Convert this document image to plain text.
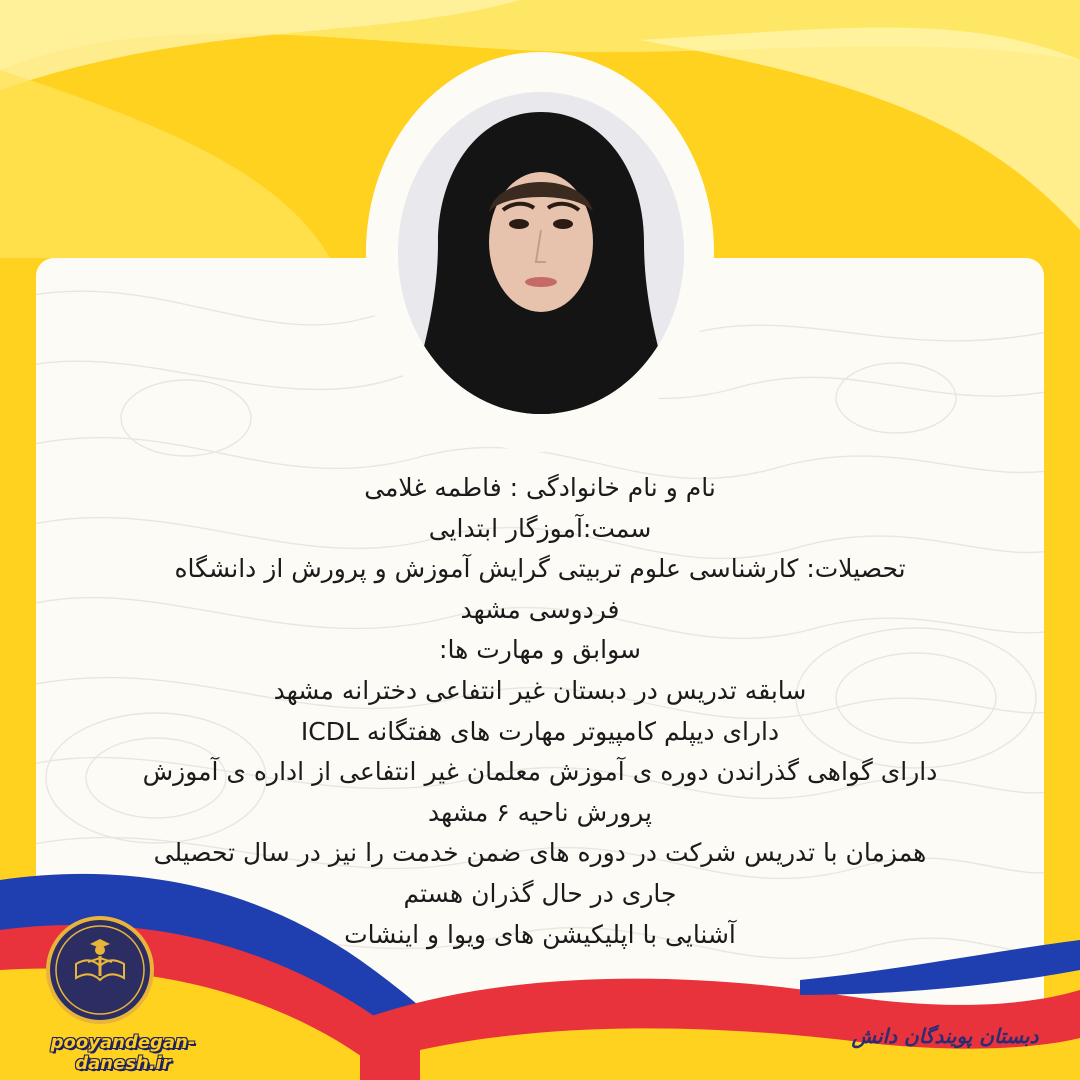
نام و نام خانوادگی : فاطمه غلامی
سمت:آموزگار ابتدایی
تحصیلات: کارشناسی علوم تربیتی گرایش آموزش و پرورش از دانشگاه
فردوسی مشهد
سوابق و مهارت ها:
سابقه تدریس در دبستان غیر انتفاعی دخترانه مشهد
دارای دیپلم کامپیوتر مهارت های هفتگانه ICDL
دارای گواهی گذراندن دوره ی آموزش معلمان غیر انتفاعی از اداره ی آموزش
پرورش ناحیه ۶ مشهد
همزمان با تدریس شرکت در دوره های ضمن خدمت را نیز در سال تحصیلی
جاری در حال گذران هستم
آشنایی با اپلیکیشن های ویوا و اینشات
pooyandegan-danesh.ir
دبستان پویندگان دانش
